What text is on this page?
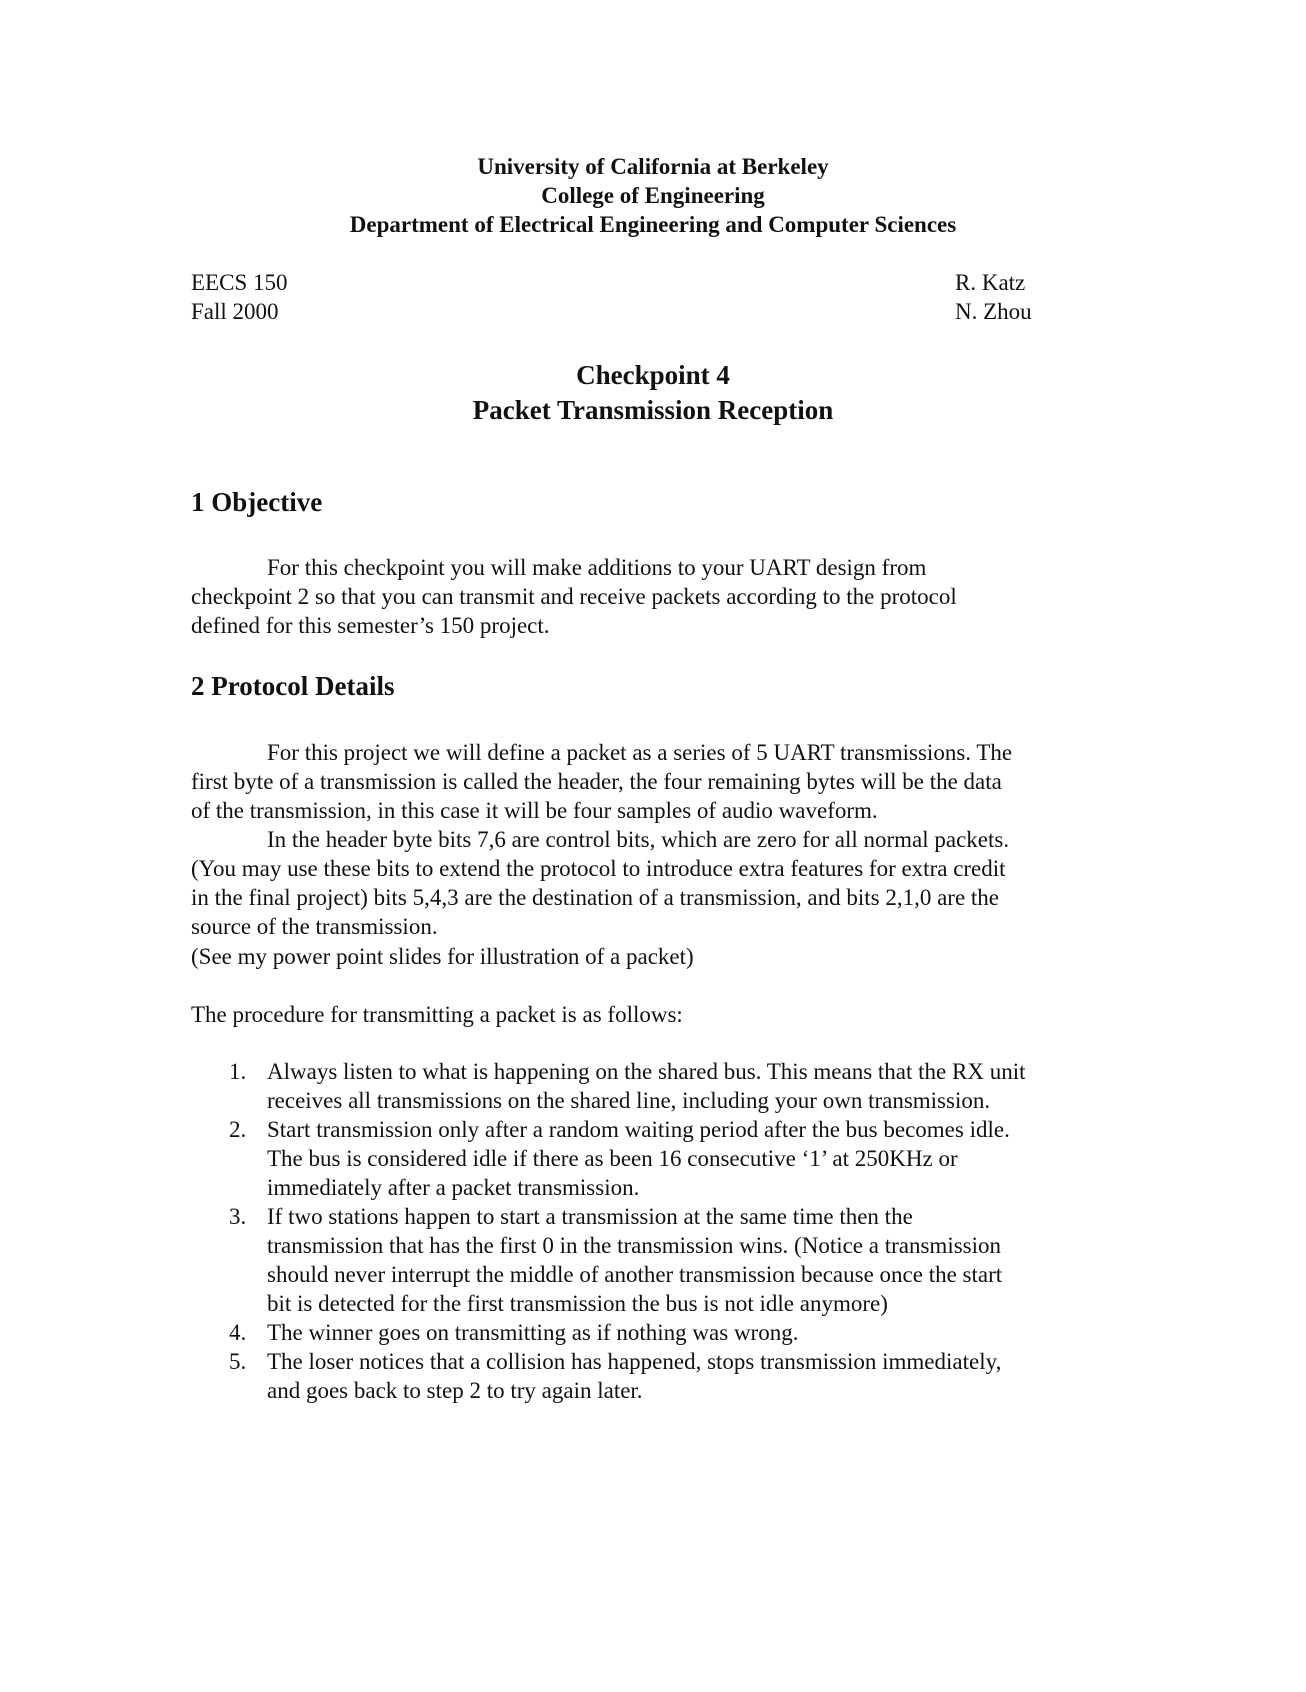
University of California at Berkeley
College of Engineering
Department of Electrical Engineering and Computer Sciences
EECS 150
Fall 2000
R. Katz
N. Zhou
Checkpoint 4
Packet Transmission Reception
1 Objective
For this checkpoint you will make additions to your UART design from
checkpoint 2 so that you can transmit and receive packets according to the protocol
defined for this semester’s 150 project.
2 Protocol Details
For this project we will define a packet as a series of 5 UART transmissions. The
first byte of a transmission is called the header, the four remaining bytes will be the data
of the transmission, in this case it will be four samples of audio waveform.
In the header byte bits 7,6 are control bits, which are zero for all normal packets.
(You may use these bits to extend the protocol to introduce extra features for extra credit
in the final project) bits 5,4,3 are the destination of a transmission, and bits 2,1,0 are the
source of the transmission.
(See my power point slides for illustration of a packet)
The procedure for transmitting a packet is as follows:
1. Always listen to what is happening on the shared bus. This means that the RX unit
receives all transmissions on the shared line, including your own transmission.
2. Start transmission only after a random waiting period after the bus becomes idle.
The bus is considered idle if there as been 16 consecutive ‘1’ at 250KHz or
immediately after a packet transmission.
3. If two stations happen to start a transmission at the same time then the
transmission that has the first 0 in the transmission wins. (Notice a transmission
should never interrupt the middle of another transmission because once the start
bit is detected for the first transmission the bus is not idle anymore)
4. The winner goes on transmitting as if nothing was wrong.
5. The loser notices that a collision has happened, stops transmission immediately,
and goes back to step 2 to try again later.
